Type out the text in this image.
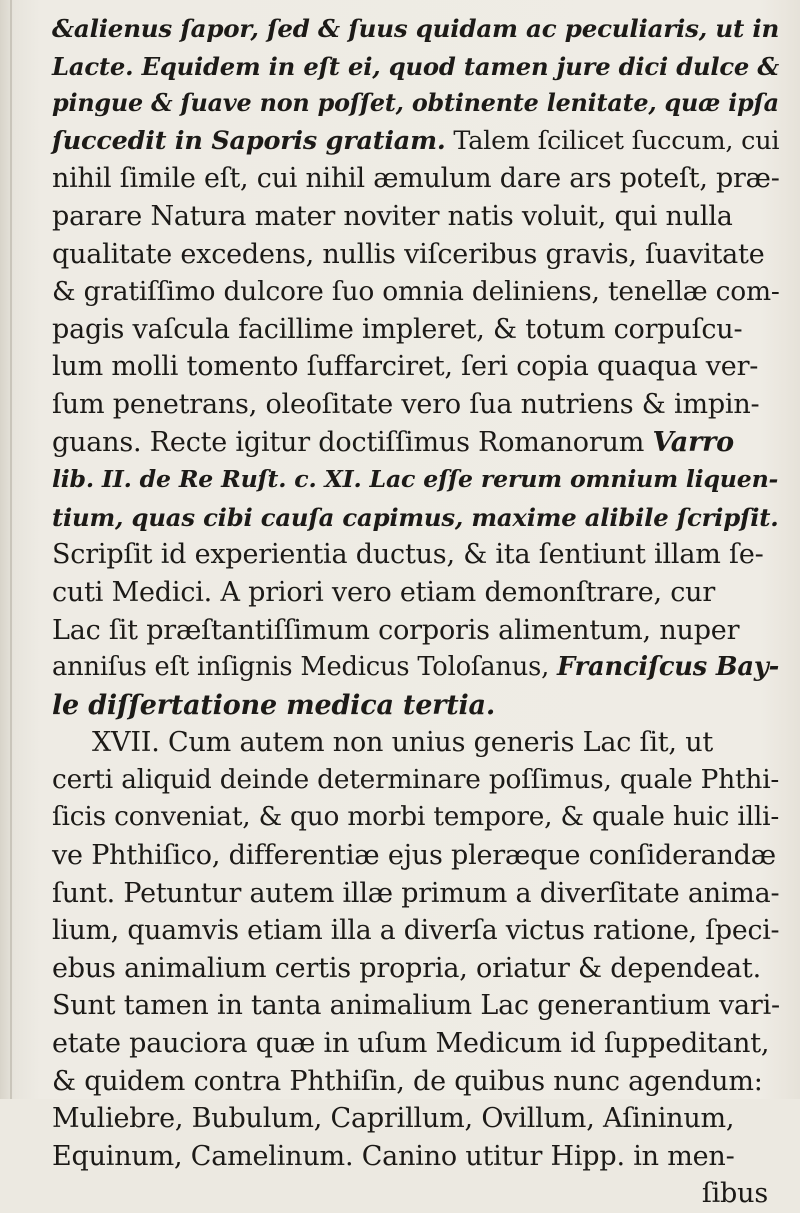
&alienus ſapor, ſed & ſuus quidam ac peculiaris, ut in
Lacte. Equidem in eſt ei, quod tamen jure dici dulce &
pingue & ſuave non poſſet, obtinente lenitate, quæ ipſa
ſuccedit in Saporis gratiam. Talem ſcilicet ſuccum, cui
nihil ſimile eſt, cui nihil æmulum dare ars poteſt, præ-
parare Natura mater noviter natis voluit, qui nulla
qualitate excedens, nullis viſceribus gravis, ſuavitate
& gratiſſimo dulcore ſuo omnia deliniens, tenellæ com-
pagis vaſcula facillime impleret, & totum corpuſcu-
lum molli tomento ſuffarciret, ſeri copia quaqua ver-
ſum penetrans, oleoſitate vero ſua nutriens & impin-
guans. Recte igitur doctiſſimus Romanorum Varro
lib. II. de Re Ruſt. c. XI. Lac eſſe rerum omnium liquen-
tium, quas cibi cauſa capimus, maxime alibile ſcripſit.
Scripſit id experientia ductus, & ita ſentiunt illam ſe-
cuti Medici. A priori vero etiam demonſtrare, cur
Lac ſit præſtantiſſimum corporis alimentum, nuper
anniſus eſt inſignis Medicus Toloſanus, Franciſcus Bay-
le diſſertatione medica tertia.
XVII. Cum autem non unius generis Lac ſit, ut
certi aliquid deinde determinare poſſimus, quale Phthi-
ſicis conveniat, & quo morbi tempore, & quale huic illi-
ve Phthiſico, differentiæ ejus pleræque conſiderandæ
ſunt. Petuntur autem illæ primum a diverſitate anima-
lium, quamvis etiam illa a diverſa victus ratione, ſpeci-
ebus animalium certis propria, oriatur & dependeat.
Sunt tamen in tanta animalium Lac generantium vari-
etate pauciora quæ in uſum Medicum id ſuppeditant,
& quidem contra Phthiſin, de quibus nunc agendum:
Muliebre, Bubulum, Caprillum, Ovillum, Aſininum,
Equinum, Camelinum. Canino utitur Hipp. in men-
ſibus
